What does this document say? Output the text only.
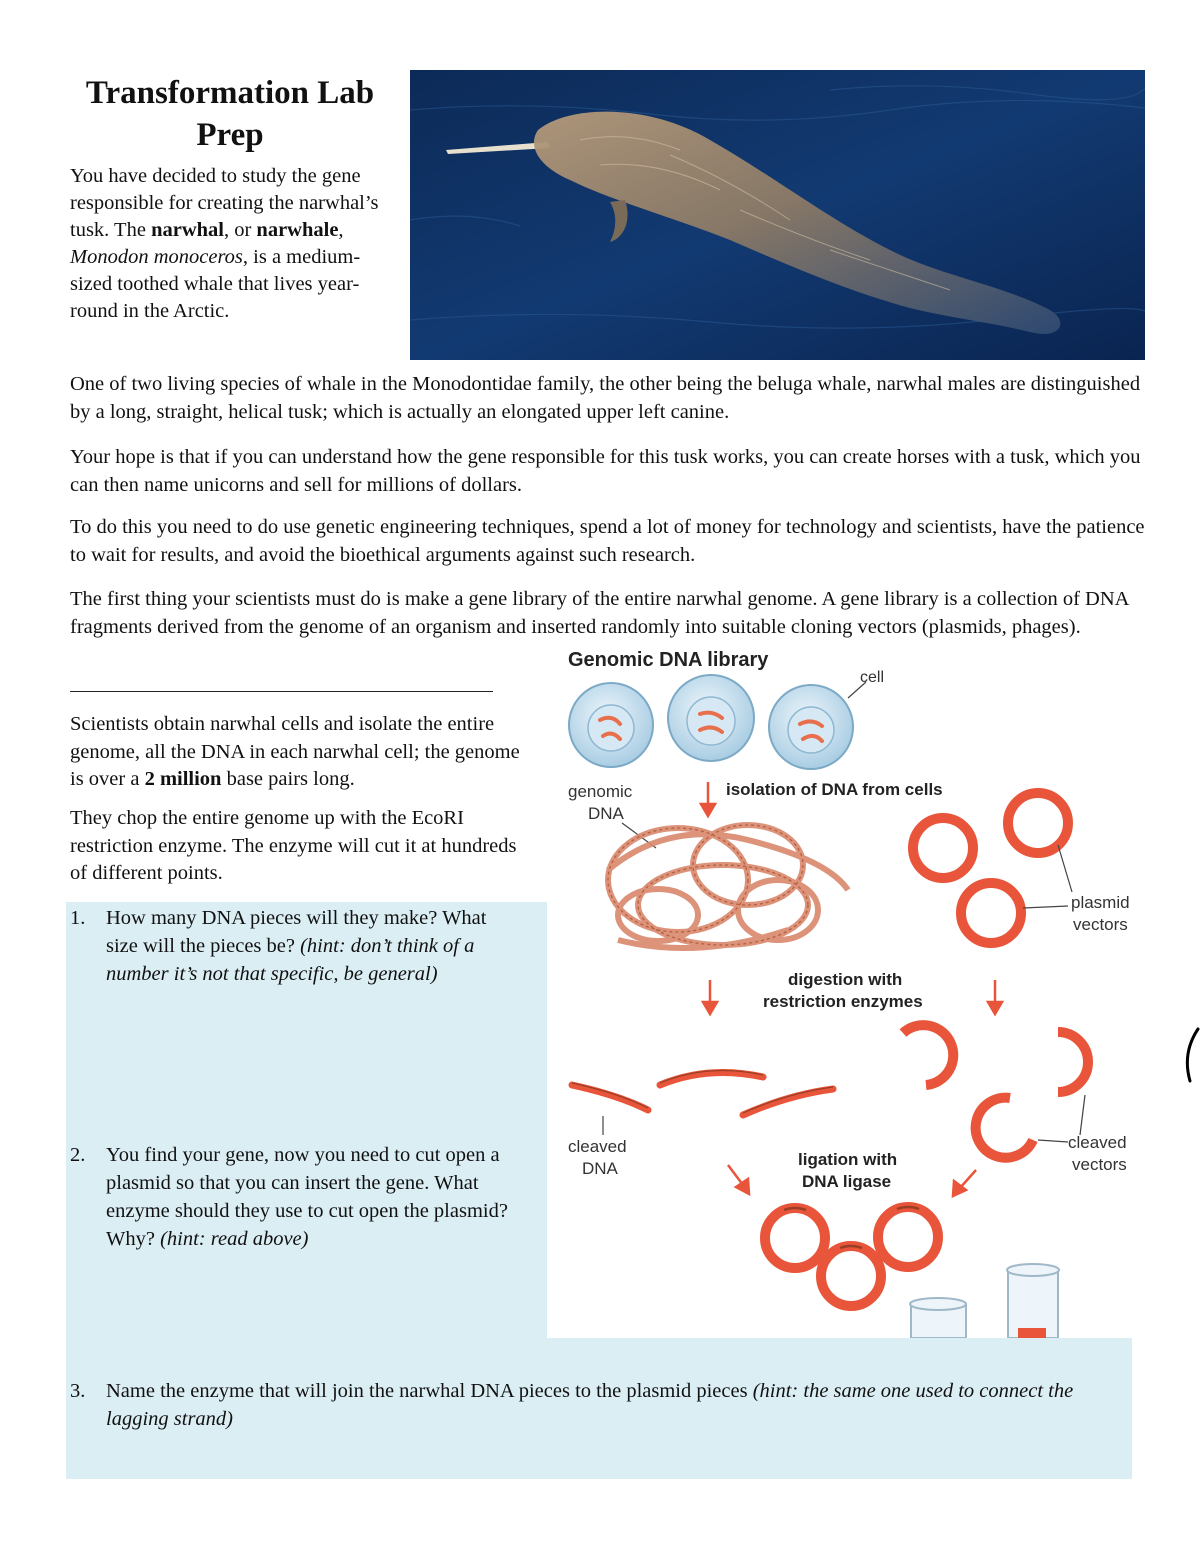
Transformation Lab Prep

You have decided to study the gene responsible for creating the narwhal’s tusk. The narwhal, or narwhale, Monodon monoceros, is a medium-sized toothed whale that lives year-round in the Arctic.

One of two living species of whale in the Monodontidae family, the other being the beluga whale, narwhal males are distinguished by a long, straight, helical tusk; which is actually an elongated upper left canine.

Your hope is that if you can understand how the gene responsible for this tusk works, you can create horses with a tusk, which you can then name unicorns and sell for millions of dollars.

To do this you need to do use genetic engineering techniques, spend a lot of money for technology and scientists, have the patience to wait for results, and avoid the bioethical arguments against such research.

The first thing your scientists must do is make a gene library of the entire narwhal genome. A gene library is a collection of DNA fragments derived from the genome of an organism and inserted randomly into suitable cloning vectors (plasmids, phages).

Scientists obtain narwhal cells and isolate the entire genome, all the DNA in each narwhal cell; the genome is over a 2 million base pairs long.

They chop the entire genome up with the EcoRI restriction enzyme. The enzyme will cut it at hundreds of different points.

1. How many DNA pieces will they make? What size will the pieces be? (hint: don’t think of a number it’s not that specific, be general)
2. You find your gene, now you need to cut open a plasmid so that you can insert the gene. What enzyme should they use to cut open the plasmid? Why? (hint: read above)
3. Name the enzyme that will join the narwhal DNA pieces to the plasmid pieces (hint: the same one used to connect the lagging strand)
Genomic DNA library
cell
genomic
DNA
isolation of DNA from cells
plasmid
vectors
digestion with
restriction enzymes
cleaved
DNA
cleaved
vectors
ligation with
DNA ligase
